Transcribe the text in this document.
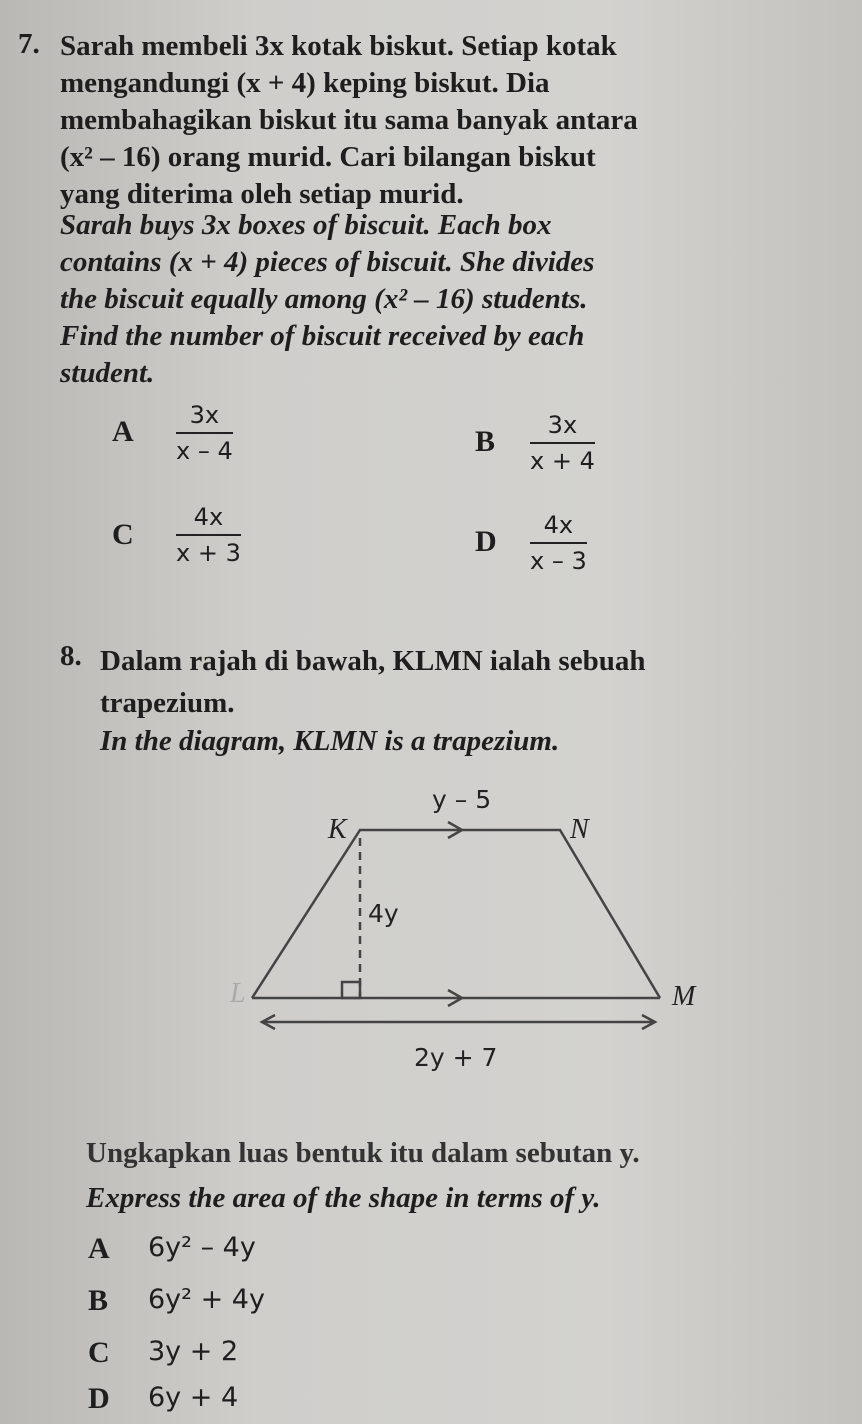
7. Sarah membeli 3x kotak biskut. Setiap kotak
mengandungi (x + 4) keping biskut. Dia
membahagikan biskut itu sama banyak antara
(x² – 16) orang murid. Cari bilangan biskut
yang diterima oleh setiap murid.
Sarah buys 3x boxes of biscuit. Each box
contains (x + 4) pieces of biscuit. She divides
the biscuit equally among (x² – 16) students.
Find the number of biscuit received by each
student.
A $\frac{3x}{x - 4}$	B $\frac{3x}{x + 4}$
C $\frac{4x}{x + 3}$	D $\frac{4x}{x - 3}$
8. Dalam rajah di bawah, KLMN ialah sebuah
trapezium.
In the diagram, KLMN is a trapezium.
K	N
L	M
y – 5
4y
2y + 7
Ungkapkan luas bentuk itu dalam sebutan y.
Express the area of the shape in terms of y.
A 6y² – 4y
B 6y² + 4y
C 3y + 2
D 6y + 4
